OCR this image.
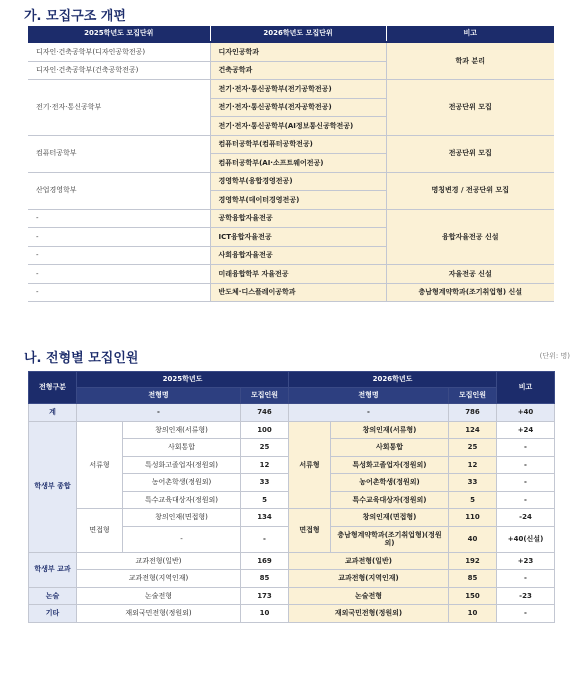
가. 모집구조 개편
2025학년도 모집단위	2026학년도 모집단위	비고
디자인·건축공학부(디자인공학전공)	디자인공학과	학과 분리
디자인·건축공학부(건축공학전공)	건축공학과	
전기·전자·통신공학부	전기·전자·통신공학부(전기공학전공)	전공단위 모집
	전기·전자·통신공학부(전자공학전공)	
	전기·전자·통신공학부(AI정보통신공학전공)	
컴퓨터공학부	컴퓨터공학부(컴퓨터공학전공)	전공단위 모집
	컴퓨터공학부(AI·소프트웨어전공)	
산업경영학부	경영학부(융합경영전공)	명칭변경 / 전공단위 모집
	경영학부(데이터경영전공)	
-	공학융합자율전공	융합자율전공 신설
-	ICT융합자율전공	
-	사회융합자율전공	
-	미래융합학부 자율전공	자율전공 신설
-	반도체·디스플레이공학과	충남형계약학과(조기취업형) 신설
나. 전형별 모집인원	(단위: 명)
전형구분	2025학년도			2026학년도			비고
	전형명		모집인원	전형명		모집인원	
계	-		746	-		786	+40
학생부 종합	서류형	창의인재(서류형)	100	서류형	창의인재(서류형)	124	+24
		사회통합	25		사회통합	25	-
		특성화고졸업자(정원외)	12		특성화고졸업자(정원외)	12	-
		농어촌학생(정원외)	33		농어촌학생(정원외)	33	-
		특수교육대상자(정원외)	5		특수교육대상자(정원외)	5	-
	면접형	창의인재(면접형)	134	면접형	창의인재(면접형)	110	-24
		-	-		충남형계약학과(조기취업형)(정원외)	40	+40(신설)
학생부 교과	교과전형(일반)		169	교과전형(일반)		192	+23
	교과전형(지역인재)		85	교과전형(지역인재)		85	-
논술	논술전형		173	논술전형		150	-23
기타	재외국민전형(정원외)		10	재외국민전형(정원외)		10	-
